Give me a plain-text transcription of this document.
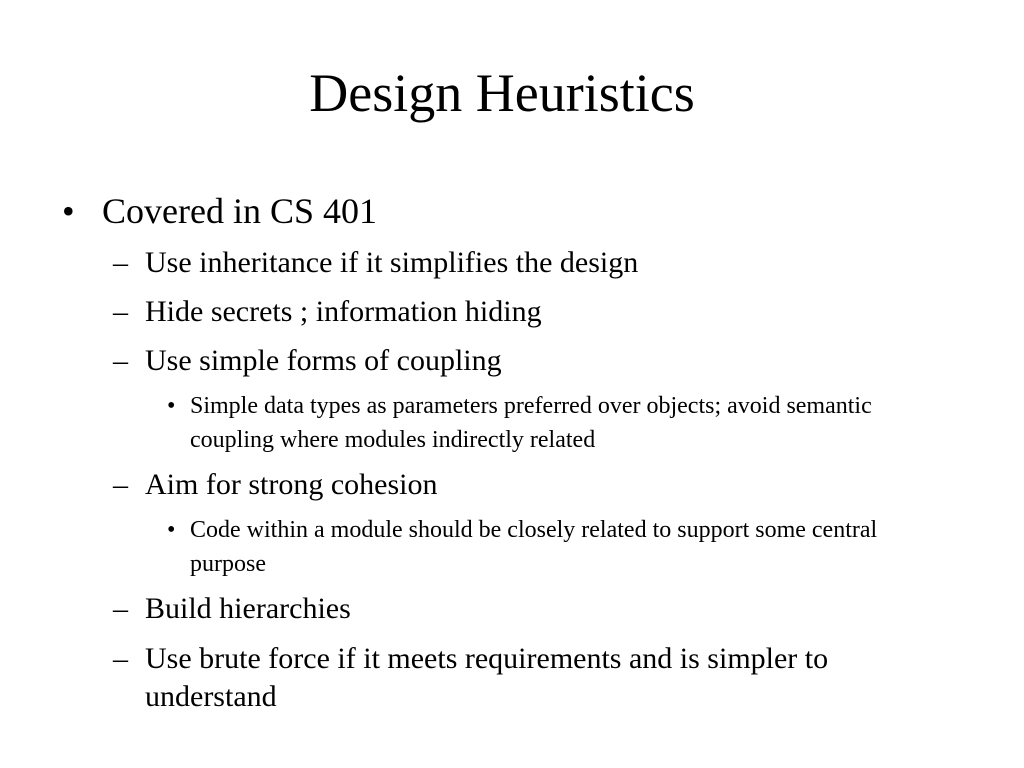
Design Heuristics
• Covered in CS 401
– Use inheritance if it simplifies the design
– Hide secrets ; information hiding
– Use simple forms of coupling
• Simple data types as parameters preferred over objects; avoid semantic coupling where modules indirectly related
– Aim for strong cohesion
• Code within a module should be closely related to support some central purpose
– Build hierarchies
– Use brute force if it meets requirements and is simpler to understand
